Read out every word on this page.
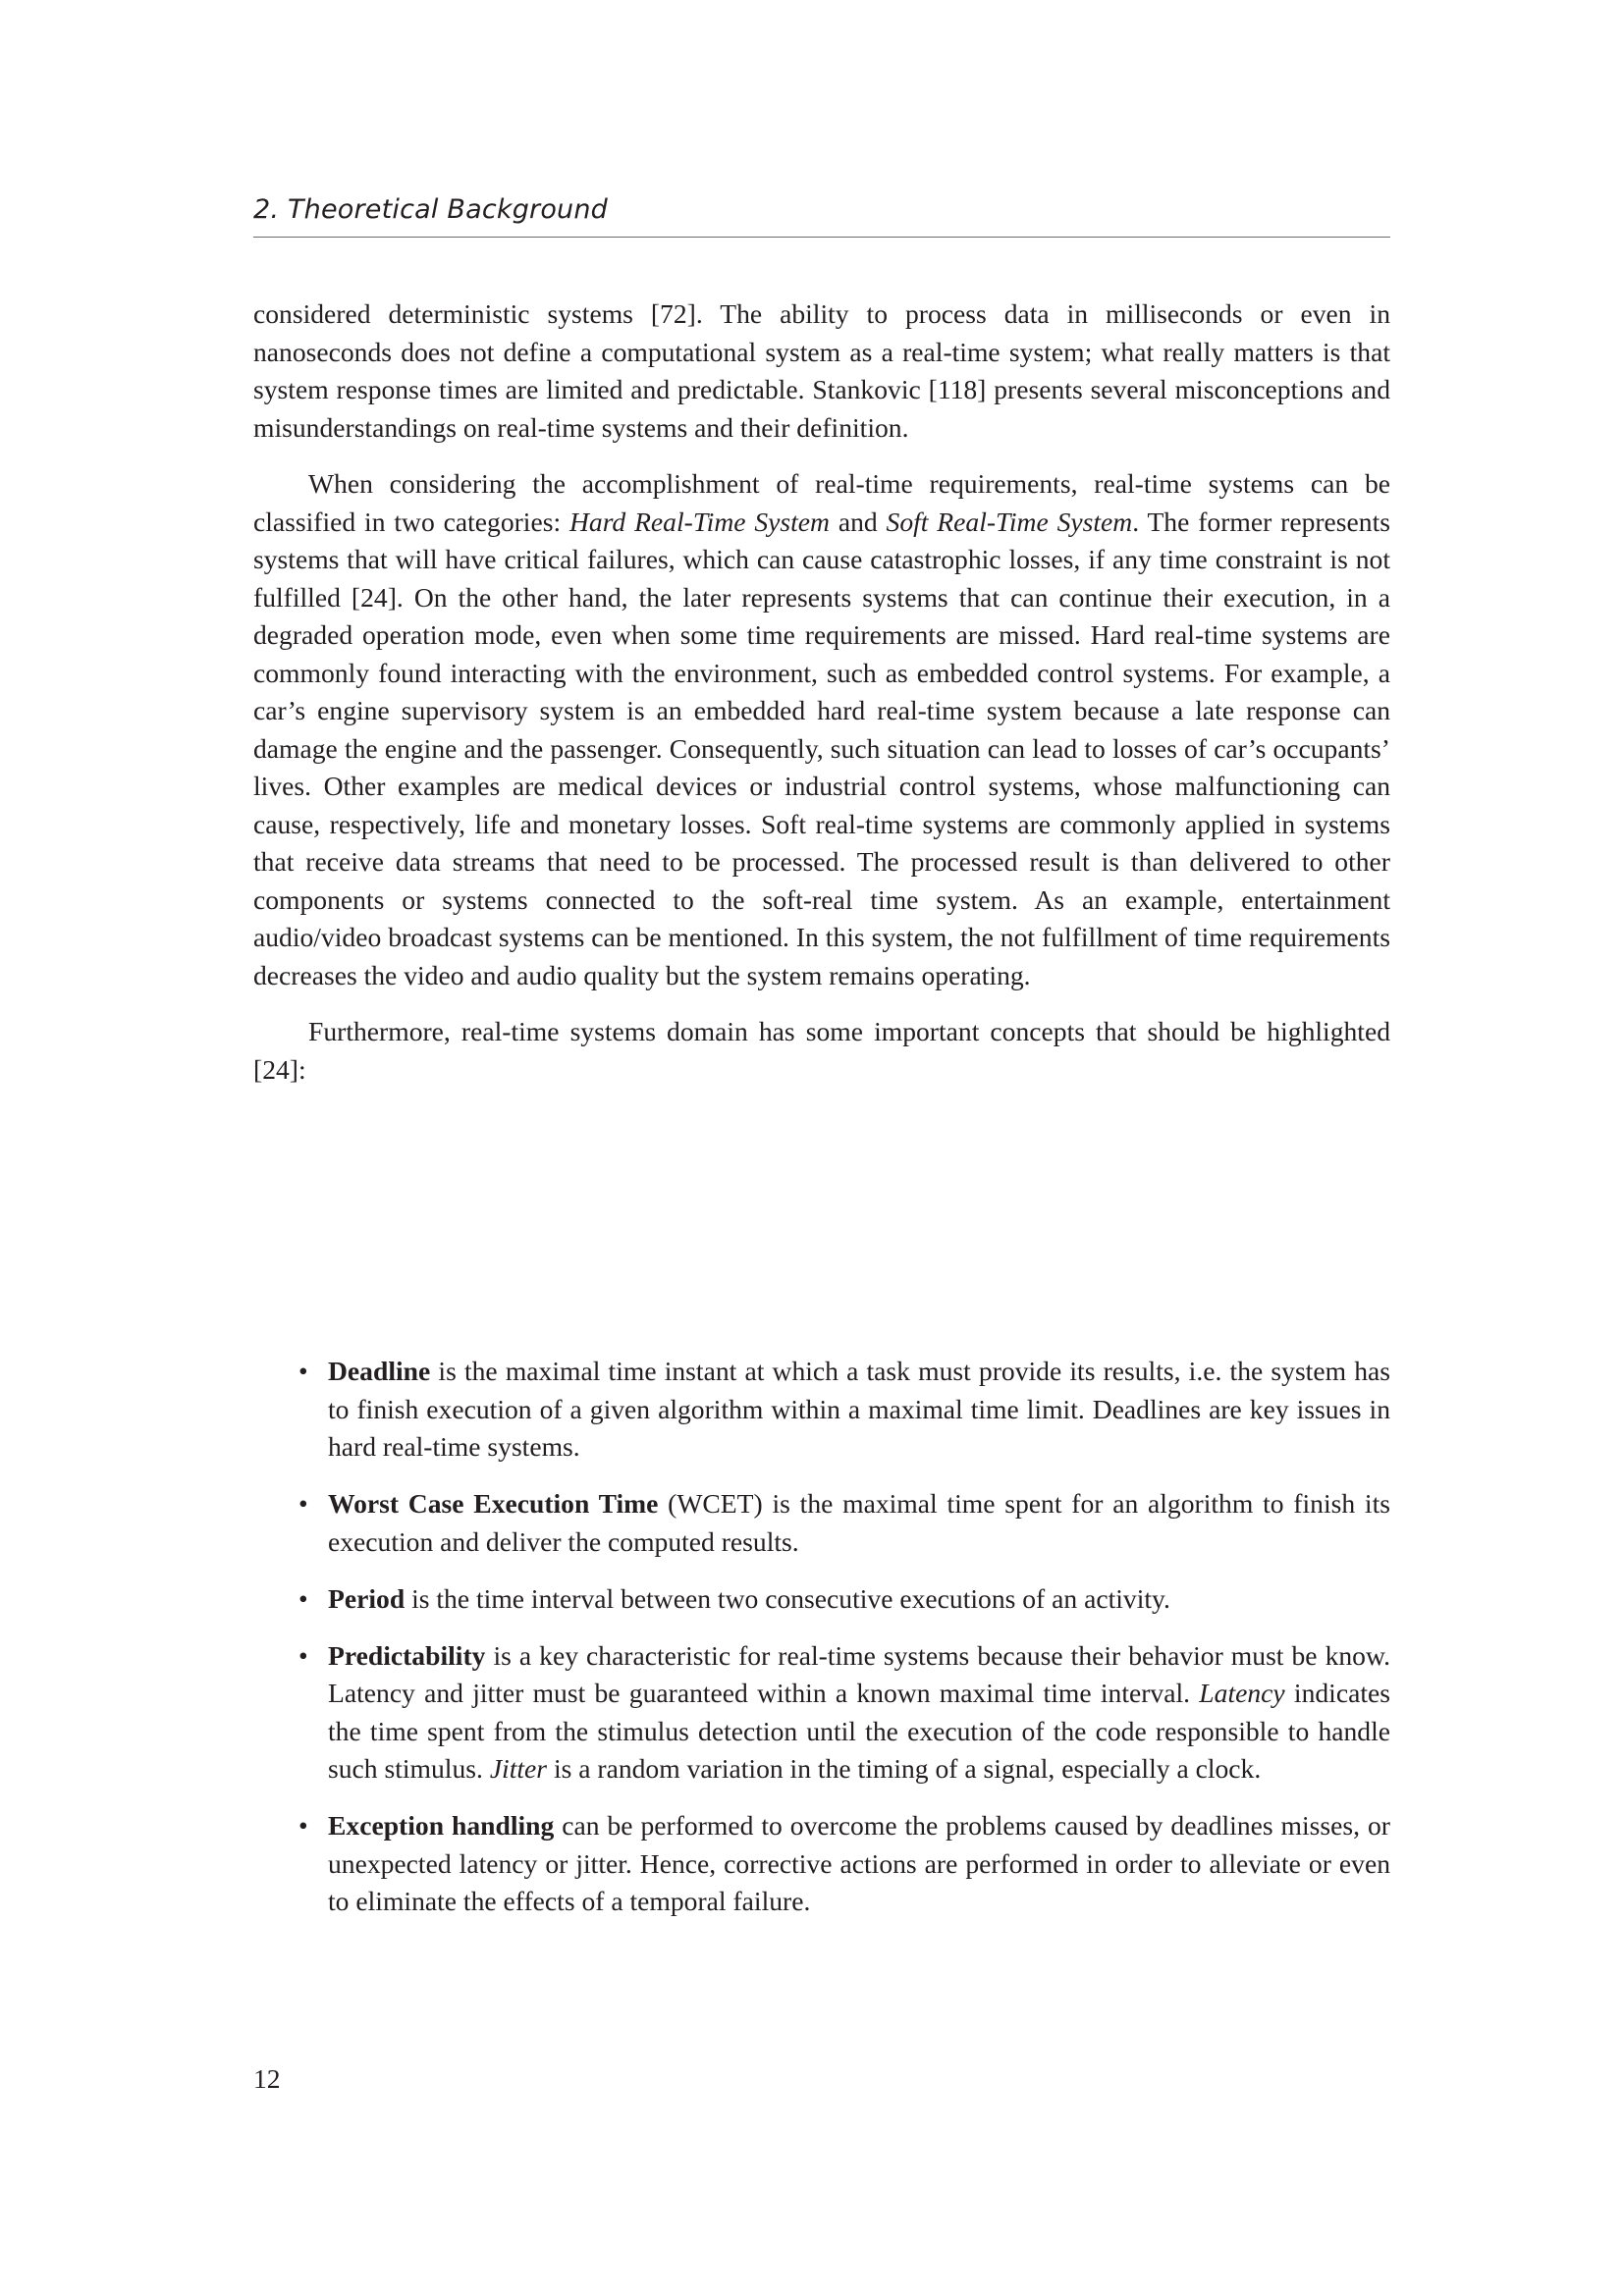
2. Theoretical Background

considered deterministic systems [72]. The ability to process data in milliseconds or even in nanoseconds does not define a computational system as a real-time system; what really matters is that system response times are limited and predictable. Stankovic [118] presents several misconceptions and misunderstandings on real-time systems and their definition.

When considering the accomplishment of real-time requirements, real-time systems can be classified in two categories: Hard Real-Time System and Soft Real-Time System. The former represents systems that will have critical failures, which can cause catastrophic losses, if any time constraint is not fulfilled [24]. On the other hand, the later represents systems that can continue their execution, in a degraded operation mode, even when some time requirements are missed. Hard real-time systems are commonly found interacting with the environment, such as embedded control systems. For example, a car’s engine supervisory system is an embedded hard real-time system because a late response can damage the engine and the passenger. Consequently, such situation can lead to losses of car’s occupants’ lives. Other examples are medical devices or industrial control systems, whose malfunctioning can cause, respectively, life and monetary losses. Soft real-time systems are commonly applied in systems that receive data streams that need to be processed. The processed result is than delivered to other components or systems connected to the soft-real time system. As an example, entertainment audio/video broadcast systems can be mentioned. In this system, the not fulfillment of time requirements decreases the video and audio quality but the system remains operating.

Furthermore, real-time systems domain has some important concepts that should be highlighted [24]:

• Deadline is the maximal time instant at which a task must provide its results, i.e. the system has to finish execution of a given algorithm within a maximal time limit. Deadlines are key issues in hard real-time systems.
• Worst Case Execution Time (WCET) is the maximal time spent for an algorithm to finish its execution and deliver the computed results.
• Period is the time interval between two consecutive executions of an activity.
• Predictability is a key characteristic for real-time systems because their behavior must be know. Latency and jitter must be guaranteed within a known maximal time interval. Latency indicates the time spent from the stimulus detection until the execution of the code responsible to handle such stimulus. Jitter is a random variation in the timing of a signal, especially a clock.
• Exception handling can be performed to overcome the problems caused by deadlines misses, or unexpected latency or jitter. Hence, corrective actions are performed in order to alleviate or even to eliminate the effects of a temporal failure.
12
